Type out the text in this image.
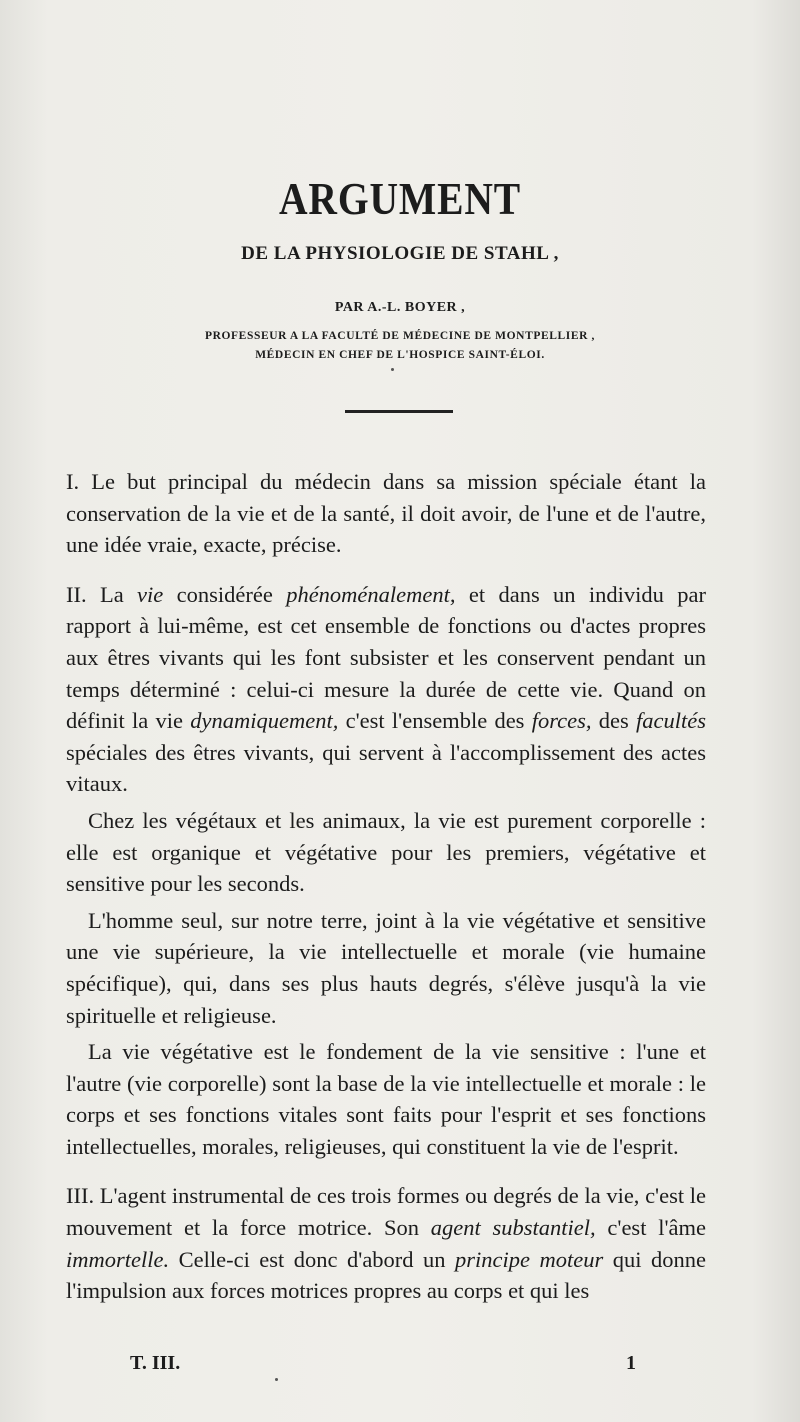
ARGUMENT
DE LA PHYSIOLOGIE DE STAHL ,
PAR A.-L. BOYER ,
PROFESSEUR A LA FACULTÉ DE MÉDECINE DE MONTPELLIER ,
MÉDECIN EN CHEF DE L'HOSPICE SAINT-ÉLOI.

I. Le but principal du médecin dans sa mission spéciale étant la conservation de la vie et de la santé, il doit avoir, de l'une et de l'autre, une idée vraie, exacte, précise.

II. La vie considérée phénoménalement, et dans un individu par rapport à lui-même, est cet ensemble de fonctions ou d'actes propres aux êtres vivants qui les font subsister et les conservent pendant un temps déterminé : celui-ci mesure la durée de cette vie. Quand on définit la vie dynamiquement, c'est l'ensemble des forces, des facultés spéciales des êtres vivants, qui servent à l'accomplissement des actes vitaux.

Chez les végétaux et les animaux, la vie est purement corporelle : elle est organique et végétative pour les premiers, végétative et sensitive pour les seconds.

L'homme seul, sur notre terre, joint à la vie végétative et sensitive une vie supérieure, la vie intellectuelle et morale (vie humaine spécifique), qui, dans ses plus hauts degrés, s'élève jusqu'à la vie spirituelle et religieuse.

La vie végétative est le fondement de la vie sensitive : l'une et l'autre (vie corporelle) sont la base de la vie intellectuelle et morale : le corps et ses fonctions vitales sont faits pour l'esprit et ses fonctions intellectuelles, morales, religieuses, qui constituent la vie de l'esprit.

III. L'agent instrumental de ces trois formes ou degrés de la vie, c'est le mouvement et la force motrice. Son agent substantiel, c'est l'âme immortelle. Celle-ci est donc d'abord un principe moteur qui donne l'impulsion aux forces motrices propres au corps et qui les

T. III.	1
